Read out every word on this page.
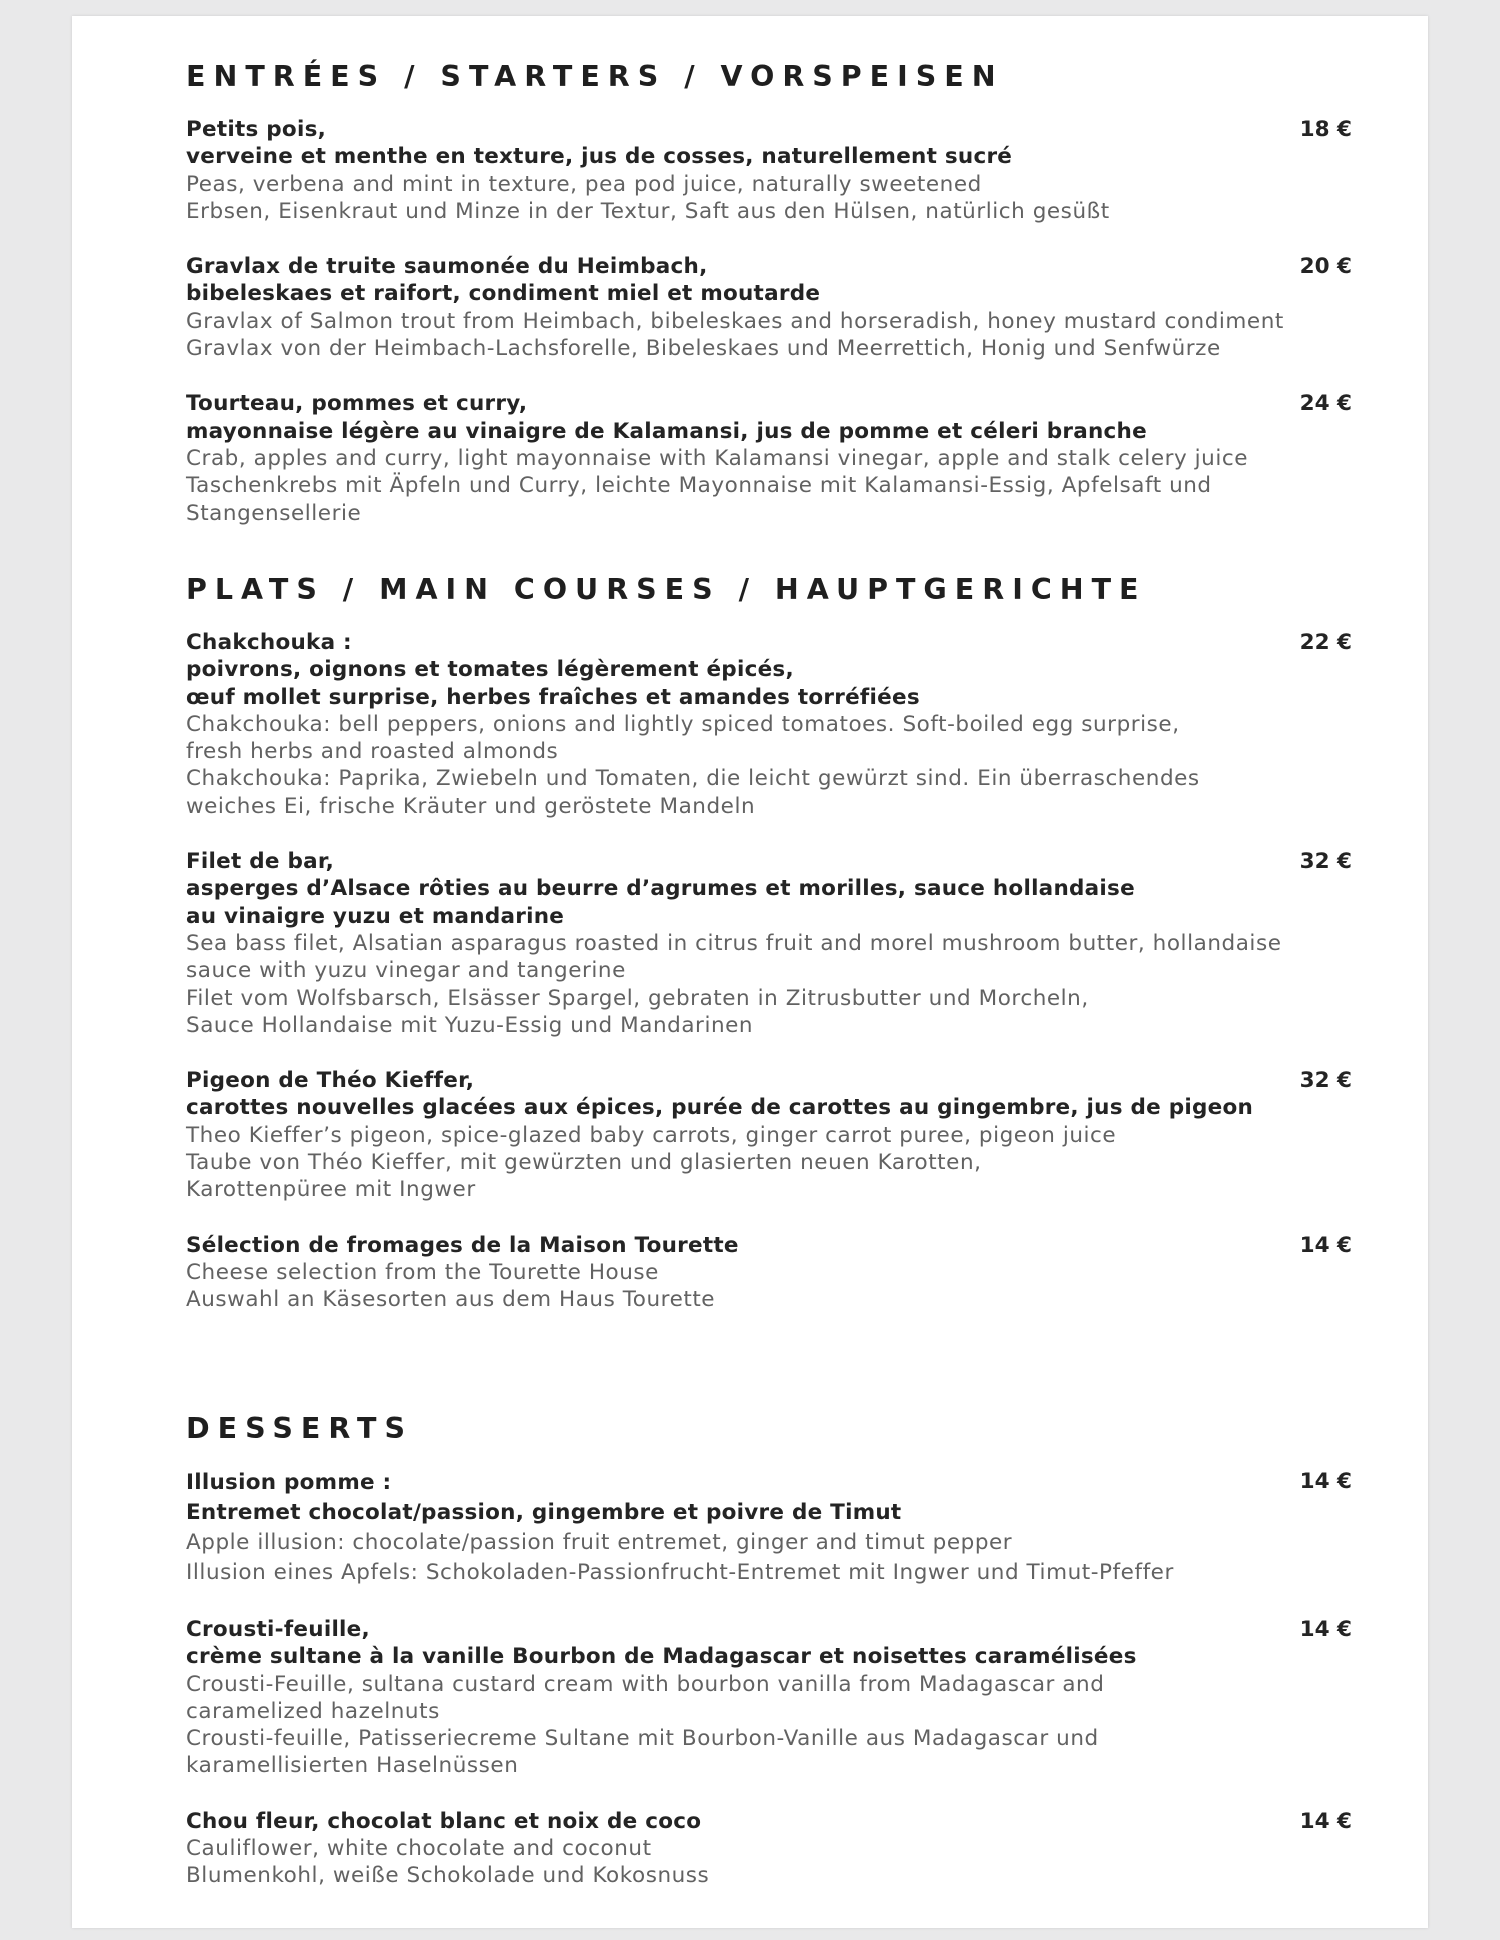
ENTRÉES / STARTERS / VORSPEISEN
18 €
Petits pois,
verveine et menthe en texture, jus de cosses, naturellement sucré
Peas, verbena and mint in texture, pea pod juice, naturally sweetened
Erbsen, Eisenkraut und Minze in der Textur, Saft aus den Hülsen, natürlich gesüßt
20 €
Gravlax de truite saumonée du Heimbach,
bibeleskaes et raifort, condiment miel et moutarde
Gravlax of Salmon trout from Heimbach, bibeleskaes and horseradish, honey mustard condiment
Gravlax von der Heimbach-Lachsforelle, Bibeleskaes und Meerrettich, Honig und Senfwürze
24 €
Tourteau, pommes et curry,
mayonnaise légère au vinaigre de Kalamansi, jus de pomme et céleri branche
Crab, apples and curry, light mayonnaise with Kalamansi vinegar, apple and stalk celery juice
Taschenkrebs mit Äpfeln und Curry, leichte Mayonnaise mit Kalamansi-Essig, Apfelsaft und
Stangensellerie
PLATS / MAIN COURSES / HAUPTGERICHTE
22 €
Chakchouka :
poivrons, oignons et tomates légèrement épicés,
œuf mollet surprise, herbes fraîches et amandes torréfiées
Chakchouka: bell peppers, onions and lightly spiced tomatoes. Soft-boiled egg surprise,
fresh herbs and roasted almonds
Chakchouka: Paprika, Zwiebeln und Tomaten, die leicht gewürzt sind. Ein überraschendes
weiches Ei, frische Kräuter und geröstete Mandeln
32 €
Filet de bar,
asperges d’Alsace rôties au beurre d’agrumes et morilles, sauce hollandaise
au vinaigre yuzu et mandarine
Sea bass filet, Alsatian asparagus roasted in citrus fruit and morel mushroom butter, hollandaise
sauce with yuzu vinegar and tangerine
Filet vom Wolfsbarsch, Elsässer Spargel, gebraten in Zitrusbutter und Morcheln,
Sauce Hollandaise mit Yuzu-Essig und Mandarinen
32 €
Pigeon de Théo Kieffer,
carottes nouvelles glacées aux épices, purée de carottes au gingembre, jus de pigeon
Theo Kieffer’s pigeon, spice-glazed baby carrots, ginger carrot puree, pigeon juice
Taube von Théo Kieffer, mit gewürzten und glasierten neuen Karotten,
Karottenpüree mit Ingwer
14 €
Sélection de fromages de la Maison Tourette
Cheese selection from the Tourette House
Auswahl an Käsesorten aus dem Haus Tourette
DESSERTS
14 €
Illusion pomme :
Entremet chocolat/passion, gingembre et poivre de Timut
Apple illusion: chocolate/passion fruit entremet, ginger and timut pepper
Illusion eines Apfels: Schokoladen-Passionfrucht-Entremet mit Ingwer und Timut-Pfeffer
14 €
Crousti-feuille,
crème sultane à la vanille Bourbon de Madagascar et noisettes caramélisées
Crousti-Feuille, sultana custard cream with bourbon vanilla from Madagascar and
caramelized hazelnuts
Crousti-feuille, Patisseriecreme Sultane mit Bourbon-Vanille aus Madagascar und
karamellisierten Haselnüssen
14 €
Chou fleur, chocolat blanc et noix de coco
Cauliflower, white chocolate and coconut
Blumenkohl, weiße Schokolade und Kokosnuss
